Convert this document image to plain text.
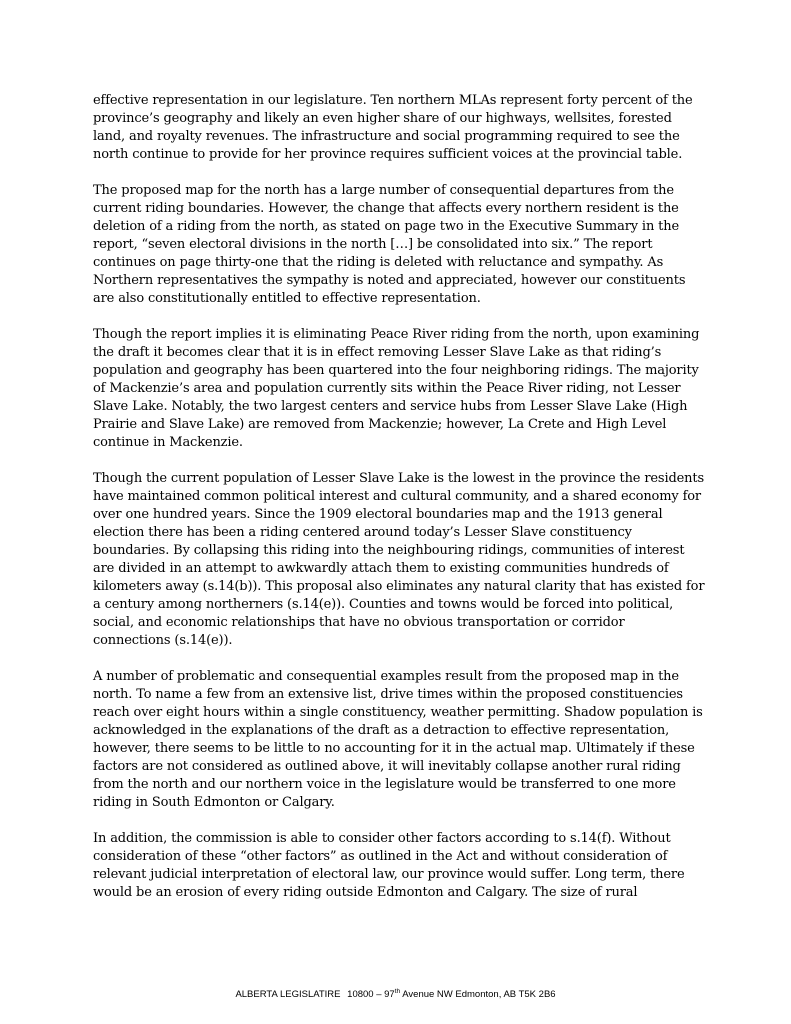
effective representation in our legislature. Ten northern MLAs represent forty percent of the province’s geography and likely an even higher share of our highways, wellsites, forested land, and royalty revenues. The infrastructure and social programming required to see the north continue to provide for her province requires sufficient voices at the provincial table.

The proposed map for the north has a large number of consequential departures from the current riding boundaries. However, the change that affects every northern resident is the deletion of a riding from the north, as stated on page two in the Executive Summary in the report, “seven electoral divisions in the north […] be consolidated into six.” The report continues on page thirty-one that the riding is deleted with reluctance and sympathy. As Northern representatives the sympathy is noted and appreciated, however our constituents are also constitutionally entitled to effective representation.

Though the report implies it is eliminating Peace River riding from the north, upon examining the draft it becomes clear that it is in effect removing Lesser Slave Lake as that riding’s population and geography has been quartered into the four neighboring ridings. The majority of Mackenzie’s area and population currently sits within the Peace River riding, not Lesser Slave Lake. Notably, the two largest centers and service hubs from Lesser Slave Lake (High Prairie and Slave Lake) are removed from Mackenzie; however, La Crete and High Level continue in Mackenzie.

Though the current population of Lesser Slave Lake is the lowest in the province the residents have maintained common political interest and cultural community, and a shared economy for over one hundred years. Since the 1909 electoral boundaries map and the 1913 general election there has been a riding centered around today’s Lesser Slave constituency boundaries. By collapsing this riding into the neighbouring ridings, communities of interest are divided in an attempt to awkwardly attach them to existing communities hundreds of kilometers away (s.14(b)). This proposal also eliminates any natural clarity that has existed for a century among northerners (s.14(e)). Counties and towns would be forced into political, social, and economic relationships that have no obvious transportation or corridor connections (s.14(e)).

A number of problematic and consequential examples result from the proposed map in the north. To name a few from an extensive list, drive times within the proposed constituencies reach over eight hours within a single constituency, weather permitting. Shadow population is acknowledged in the explanations of the draft as a detraction to effective representation, however, there seems to be little to no accounting for it in the actual map. Ultimately if these factors are not considered as outlined above, it will inevitably collapse another rural riding from the north and our northern voice in the legislature would be transferred to one more riding in South Edmonton or Calgary.

In addition, the commission is able to consider other factors according to s.14(f). Without consideration of these “other factors” as outlined in the Act and without consideration of relevant judicial interpretation of electoral law, our province would suffer. Long term, there would be an erosion of every riding outside Edmonton and Calgary. The size of rural

ALBERTA LEGISLATIRE 10800 – 97th Avenue NW Edmonton, AB T5K 2B6
